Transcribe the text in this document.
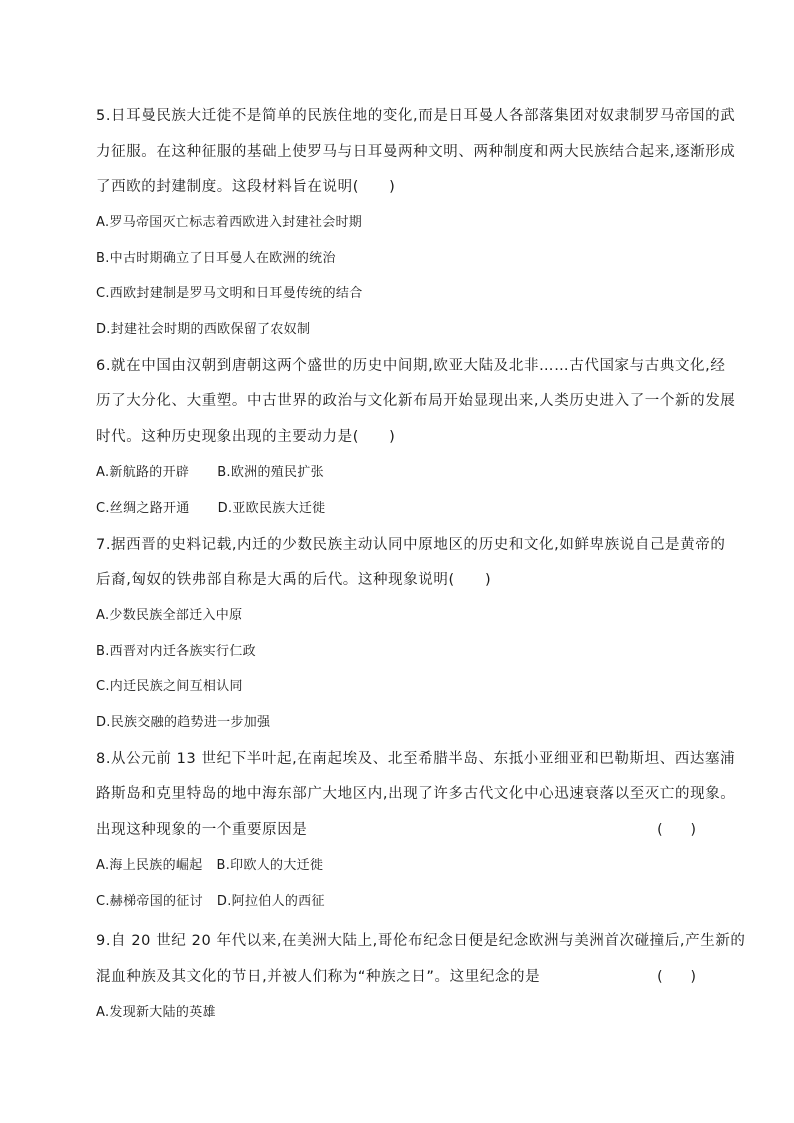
5.日耳曼民族大迁徙不是简单的民族住地的变化,而是日耳曼人各部落集团对奴隶制罗马帝国的武
力征服。在这种征服的基础上使罗马与日耳曼两种文明、两种制度和两大民族结合起来,逐渐形成
了西欧的封建制度。这段材料旨在说明(　　)
A.罗马帝国灭亡标志着西欧进入封建社会时期
B.中古时期确立了日耳曼人在欧洲的统治
C.西欧封建制是罗马文明和日耳曼传统的结合
D.封建社会时期的西欧保留了农奴制
6.就在中国由汉朝到唐朝这两个盛世的历史中间期,欧亚大陆及北非……古代国家与古典文化,经
历了大分化、大重塑。中古世界的政治与文化新布局开始显现出来,人类历史进入了一个新的发展
时代。这种历史现象出现的主要动力是(　　)
A.新航路的开辟 B.欧洲的殖民扩张
C.丝绸之路开通 D.亚欧民族大迁徙
7.据西晋的史料记载,内迁的少数民族主动认同中原地区的历史和文化,如鲜卑族说自己是黄帝的
后裔,匈奴的铁弗部自称是大禹的后代。这种现象说明(　　)
A.少数民族全部迁入中原
B.西晋对内迁各族实行仁政
C.内迁民族之间互相认同
D.民族交融的趋势进一步加强
8.从公元前 13 世纪下半叶起,在南起埃及、北至希腊半岛、东抵小亚细亚和巴勒斯坦、西达塞浦
路斯岛和克里特岛的地中海东部广大地区内,出现了许多古代文化中心迅速衰落以至灭亡的现象。
出现这种现象的一个重要原因是	(　　)
A.海上民族的崛起 B.印欧人的大迁徙
C.赫梯帝国的征讨 D.阿拉伯人的西征
9.自 20 世纪 20 年代以来,在美洲大陆上,哥伦布纪念日便是纪念欧洲与美洲首次碰撞后,产生新的
混血种族及其文化的节日,并被人们称为“种族之日”。这里纪念的是	(　　)
A.发现新大陆的英雄
